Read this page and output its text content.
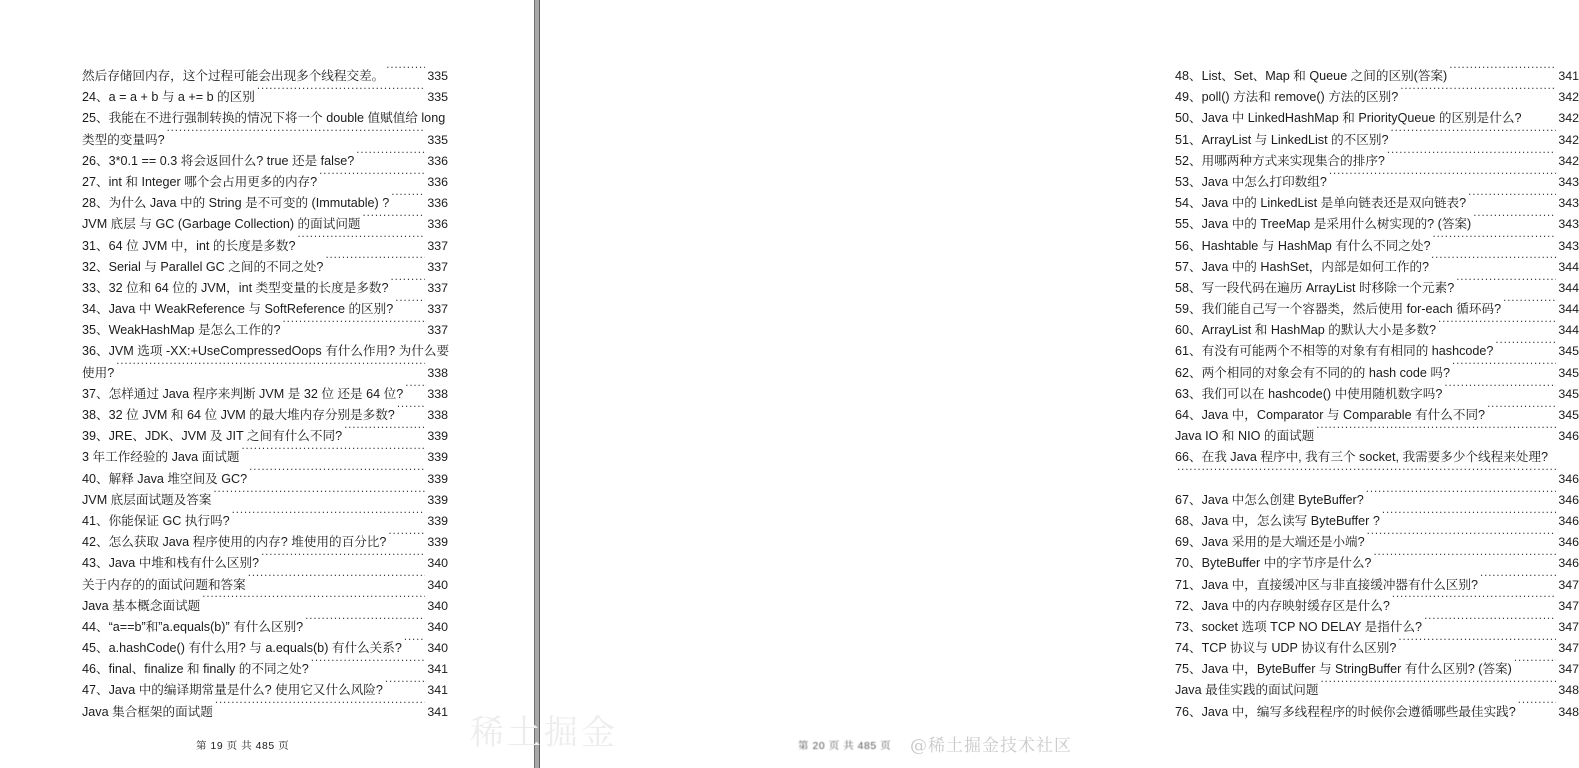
然后存储回内存，这个过程可能会出现多个线程交差。 .....	335
24、a = a + b 与 a += b 的区别 .....	335
25、我能在不进行强制转换的情况下将一个 double 值赋值给 long
类型的变量吗? .....	335
26、3*0.1 == 0.3 将会返回什么? true 还是 false? .....	336
27、int 和 Integer 哪个会占用更多的内存? .....	336
28、为什么 Java 中的 String 是不可变的 (Immutable) ? .....	336
JVM 底层 与 GC (Garbage Collection) 的面试问题 .....	336
31、64 位 JVM 中，int 的长度是多数? .....	337
32、Serial 与 Parallel GC 之间的不同之处? .....	337
33、32 位和 64 位的 JVM，int 类型变量的长度是多数? .....	337
34、Java 中 WeakReference 与 SoftReference 的区别? .....	337
35、WeakHashMap 是怎么工作的? .....	337
36、JVM 选项 -XX:+UseCompressedOops 有什么作用? 为什么要
使用? .....	338
37、怎样通过 Java 程序来判断 JVM 是 32 位 还是 64 位? ..... 338
38、32 位 JVM 和 64 位 JVM 的最大堆内存分别是多数? .....	338
39、JRE、JDK、JVM 及 JIT 之间有什么不同? .....	339
3 年工作经验的 Java 面试题 .....	339
40、解释 Java 堆空间及 GC? .....	339
JVM 底层面试题及答案 .....	339
41、你能保证 GC 执行吗? .....	339
42、怎么获取 Java 程序使用的内存? 堆使用的百分比? .....	339
43、Java 中堆和栈有什么区别? .....	340
关于内存的的面试问题和答案 .....	340
Java 基本概念面试题 .....	340
44、“a==b”和”a.equals(b)” 有什么区别? .....	340
45、a.hashCode() 有什么用? 与 a.equals(b) 有什么关系? ..... 340
46、final、finalize 和 finally 的不同之处? .....	341
47、Java 中的编译期常量是什么? 使用它又什么风险? .....	341
Java 集合框架的面试题 .....	341
第 19 页 共 485 页
48、List、Set、Map 和 Queue 之间的区别(答案) .....	341
49、poll() 方法和 remove() 方法的区别? .....	342
50、Java 中 LinkedHashMap 和 PriorityQueue 的区别是什么?	342
51、ArrayList 与 LinkedList 的不区别? .....	342
52、用哪两种方式来实现集合的排序? .....	342
53、Java 中怎么打印数组? .....	343
54、Java 中的 LinkedList 是单向链表还是双向链表? .....	343
55、Java 中的 TreeMap 是采用什么树实现的? (答案) .....	343
56、Hashtable 与 HashMap 有什么不同之处? .....	343
57、Java 中的 HashSet，内部是如何工作的? .....	344
58、写一段代码在遍历 ArrayList 时移除一个元素? .....	344
59、我们能自己写一个容器类，然后使用 for-each 循环码? .....	344
60、ArrayList 和 HashMap 的默认大小是多数? .....	344
61、有没有可能两个不相等的对象有有相同的 hashcode? .....	345
62、两个相同的对象会有不同的的 hash code 吗? .....	345
63、我们可以在 hashcode() 中使用随机数字吗? .....	345
64、Java 中，Comparator 与 Comparable 有什么不同? .....	345
Java IO 和 NIO 的面试题 .....	346
66、在我 Java 程序中, 我有三个 socket, 我需要多少个线程来处理?
.....
346
67、Java 中怎么创建 ByteBuffer? .....	346
68、Java 中，怎么读写 ByteBuffer ? .....	346
69、Java 采用的是大端还是小端? .....	346
70、ByteBuffer 中的字节序是什么? .....	346
71、Java 中，直接缓冲区与非直接缓冲器有什么区别? .....	347
72、Java 中的内存映射缓存区是什么? .....	347
73、socket 选项 TCP NO DELAY 是指什么? .....	347
74、TCP 协议与 UDP 协议有什么区别? .....	347
75、Java 中，ByteBuffer 与 StringBuffer 有什么区别? (答案) .....	347
Java 最佳实践的面试问题 .....	348
76、Java 中，编写多线程程序的时候你会遵循哪些最佳实践? .....	348
第 20 页 共 485 页
稀土掘金	@稀土掘金技术社区
